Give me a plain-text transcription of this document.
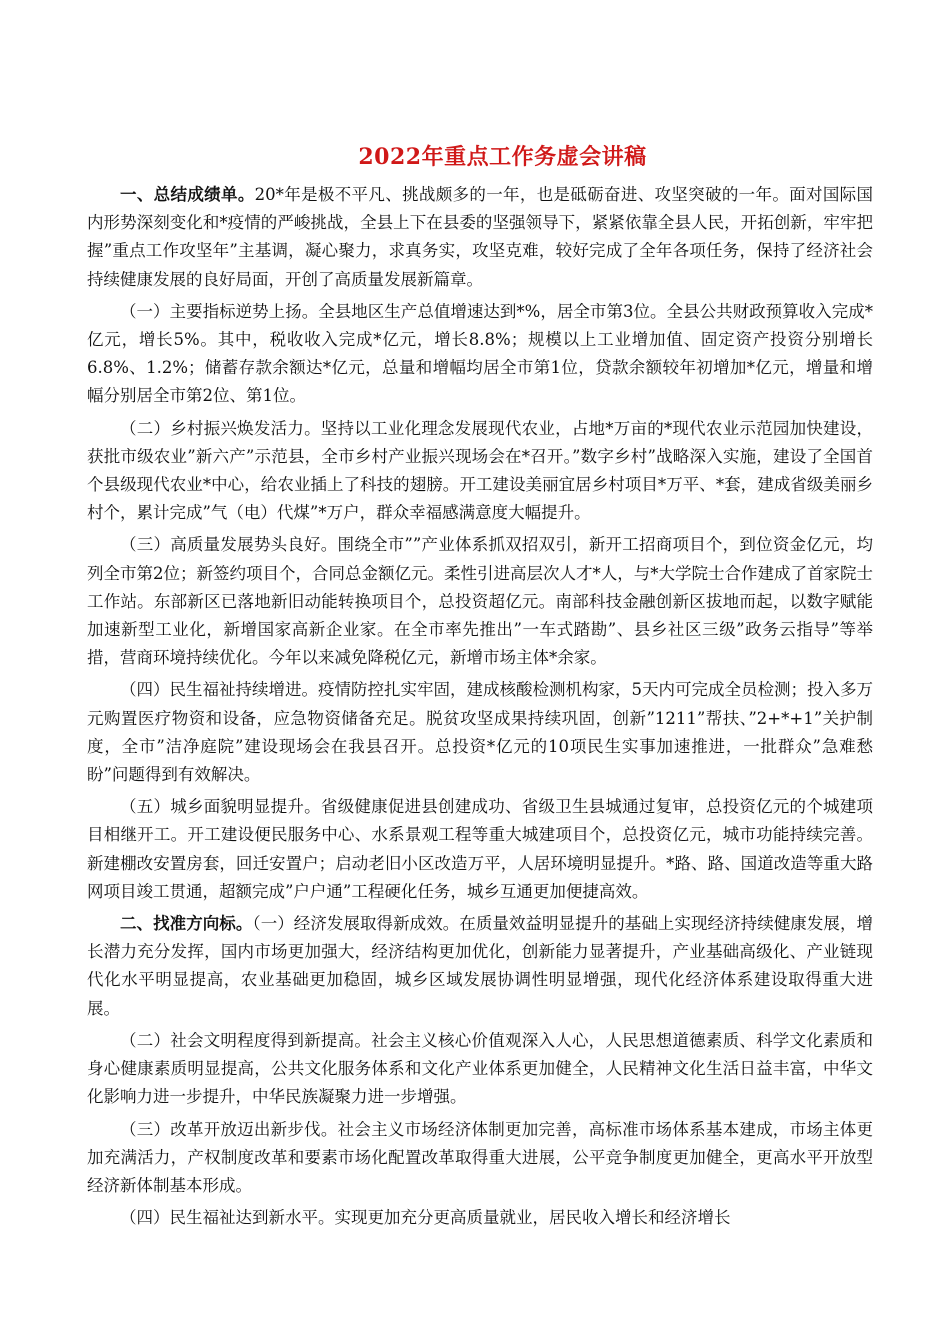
2022年重点工作务虚会讲稿

一、总结成绩单。20*年是极不平凡、挑战颇多的一年，也是砥砺奋进、攻坚突破的一年。面对国际国内形势深刻变化和*疫情的严峻挑战，全县上下在县委的坚强领导下，紧紧依靠全县人民，开拓创新，牢牢把握”重点工作攻坚年”主基调，凝心聚力，求真务实，攻坚克难，较好完成了全年各项任务，保持了经济社会持续健康发展的良好局面，开创了高质量发展新篇章。

（一）主要指标逆势上扬。全县地区生产总值增速达到*%，居全市第3位。全县公共财政预算收入完成*亿元，增长5%。其中，税收收入完成*亿元，增长8.8%；规模以上工业增加值、固定资产投资分别增长6.8%、1.2%；储蓄存款余额达*亿元，总量和增幅均居全市第1位，贷款余额较年初增加*亿元，增量和增幅分别居全市第2位、第1位。

（二）乡村振兴焕发活力。坚持以工业化理念发展现代农业，占地*万亩的*现代农业示范园加快建设，获批市级农业”新六产”示范县，全市乡村产业振兴现场会在*召开。”数字乡村”战略深入实施，建设了全国首个县级现代农业*中心，给农业插上了科技的翅膀。开工建设美丽宜居乡村项目*万平、*套，建成省级美丽乡村个，累计完成”气（电）代煤”*万户，群众幸福感满意度大幅提升。

（三）高质量发展势头良好。围绕全市””产业体系抓双招双引，新开工招商项目个，到位资金亿元，均列全市第2位；新签约项目个，合同总金额亿元。柔性引进高层次人才*人，与*大学院士合作建成了首家院士工作站。东部新区已落地新旧动能转换项目个，总投资超亿元。南部科技金融创新区拔地而起，以数字赋能加速新型工业化，新增国家高新企业家。在全市率先推出”一车式踏勘”、县乡社区三级”政务云指导”等举措，营商环境持续优化。今年以来减免降税亿元，新增市场主体*余家。

（四）民生福祉持续增进。疫情防控扎实牢固，建成核酸检测机构家，5天内可完成全员检测；投入多万元购置医疗物资和设备，应急物资储备充足。脱贫攻坚成果持续巩固，创新”1211”帮扶、”2+*+1”关护制度，全市”洁净庭院”建设现场会在我县召开。总投资*亿元的10项民生实事加速推进，一批群众”急难愁盼”问题得到有效解决。

（五）城乡面貌明显提升。省级健康促进县创建成功、省级卫生县城通过复审，总投资亿元的个城建项目相继开工。开工建设便民服务中心、水系景观工程等重大城建项目个，总投资亿元，城市功能持续完善。新建棚改安置房套，回迁安置户；启动老旧小区改造万平，人居环境明显提升。*路、路、国道改造等重大路网项目竣工贯通，超额完成”户户通”工程硬化任务，城乡互通更加便捷高效。

二、找准方向标。（一）经济发展取得新成效。在质量效益明显提升的基础上实现经济持续健康发展，增长潜力充分发挥，国内市场更加强大，经济结构更加优化，创新能力显著提升，产业基础高级化、产业链现代化水平明显提高，农业基础更加稳固，城乡区域发展协调性明显增强，现代化经济体系建设取得重大进展。

（二）社会文明程度得到新提高。社会主义核心价值观深入人心，人民思想道德素质、科学文化素质和身心健康素质明显提高，公共文化服务体系和文化产业体系更加健全，人民精神文化生活日益丰富，中华文化影响力进一步提升，中华民族凝聚力进一步增强。

（三）改革开放迈出新步伐。社会主义市场经济体制更加完善，高标准市场体系基本建成，市场主体更加充满活力，产权制度改革和要素市场化配置改革取得重大进展，公平竞争制度更加健全，更高水平开放型经济新体制基本形成。

（四）民生福祉达到新水平。实现更加充分更高质量就业，居民收入增长和经济增长
